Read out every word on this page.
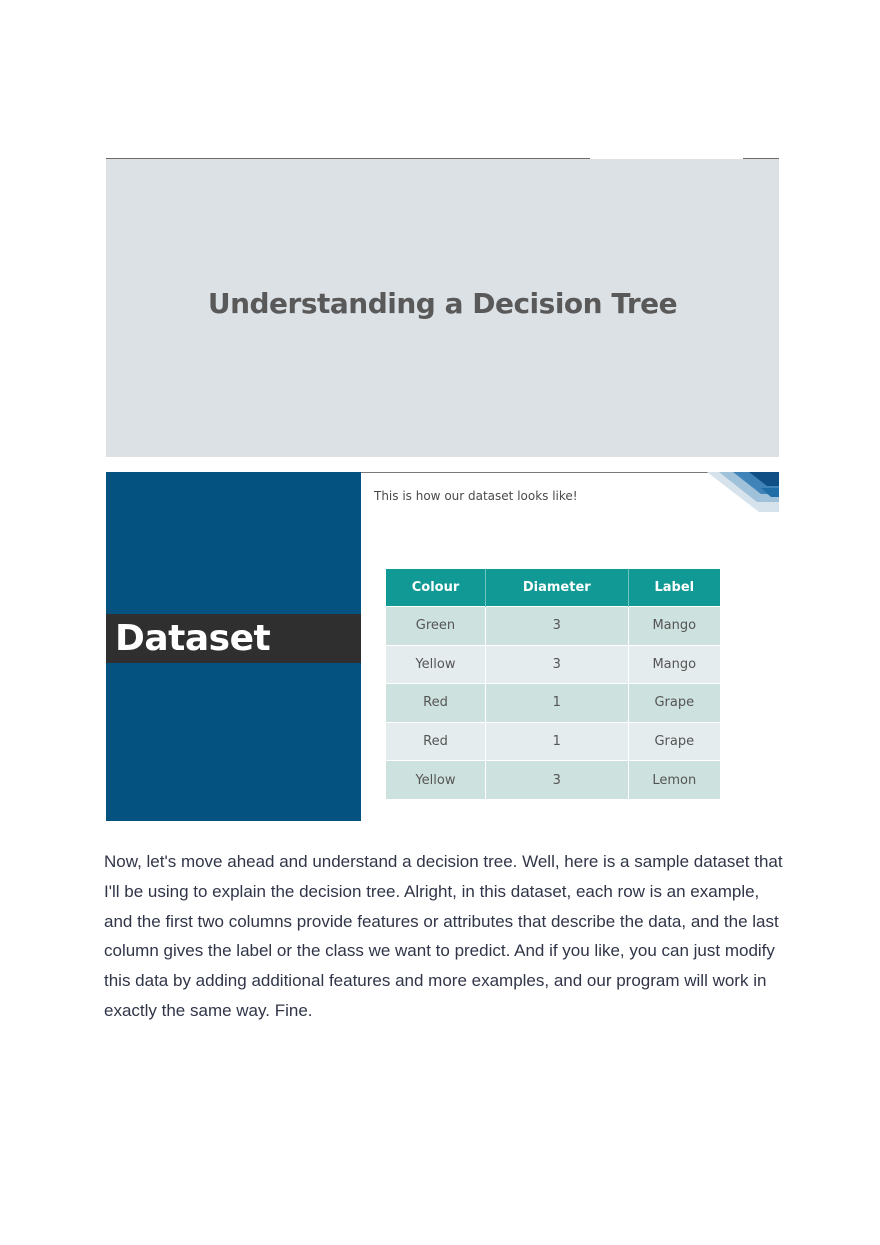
Understanding a Decision Tree
Dataset
This is how our dataset looks like!
Colour	Diameter	Label
Green	3	Mango
Yellow	3	Mango
Red	1	Grape
Red	1	Grape
Yellow	3	Lemon

Now, let's move ahead and understand a decision tree. Well, here is a sample dataset that I'll be using to explain the decision tree. Alright, in this dataset, each row is an example, and the first two columns provide features or attributes that describe the data, and the last column gives the label or the class we want to predict. And if you like, you can just modify this data by adding additional features and more examples, and our program will work in exactly the same way. Fine.
